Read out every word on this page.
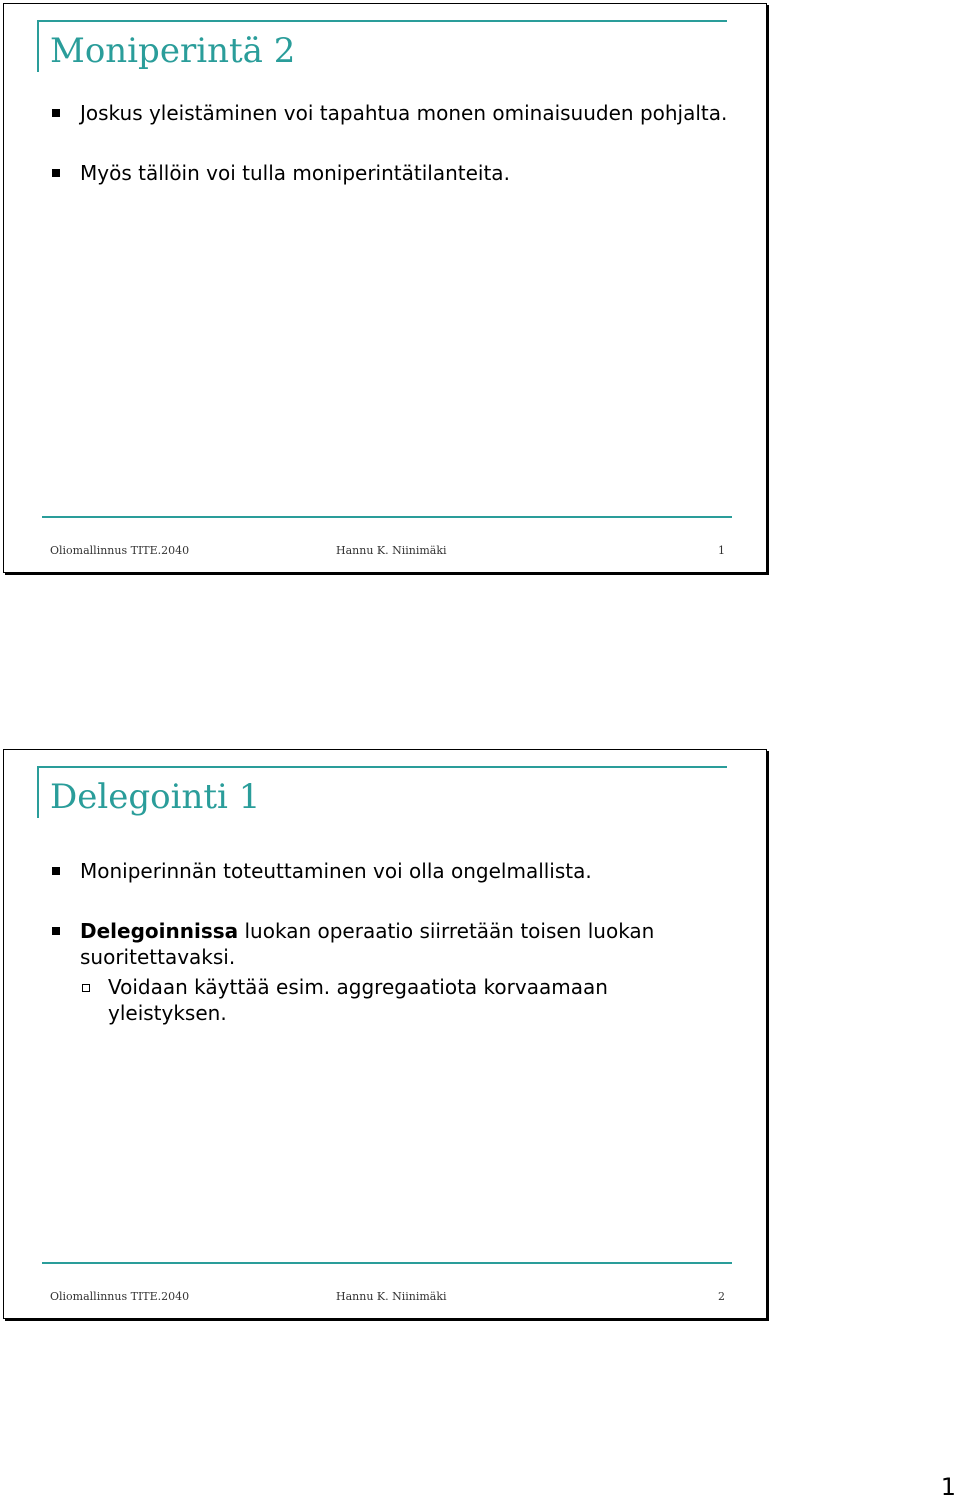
Moniperintä 2
Joskus yleistäminen voi tapahtua monen ominaisuuden pohjalta.
Myös tällöin voi tulla moniperintätilanteita.
Oliomallinnus TITE.2040	Hannu K. Niinimäki	1
Delegointi 1
Moniperinnän toteuttaminen voi olla ongelmallista.
Delegoinnissa luokan operaatio siirretään toisen luokan suoritettavaksi.
Voidaan käyttää esim. aggregaatiota korvaamaan yleistyksen.
Oliomallinnus TITE.2040	Hannu K. Niinimäki	2
1
